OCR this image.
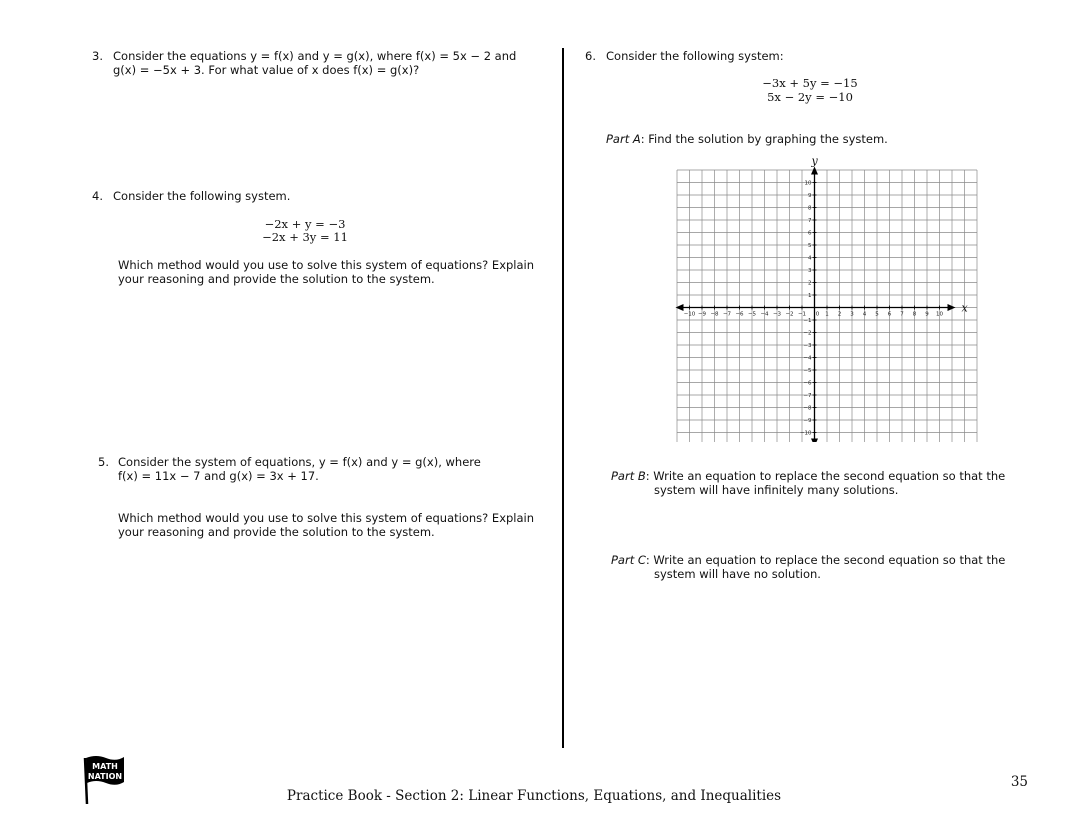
3. Consider the equations y = f(x) and y = g(x), where f(x) = 5x − 2 and
g(x) = −5x + 3. For what value of x does f(x) = g(x)?
4. Consider the following system.
−2x + y = −3
−2x + 3y = 11
Which method would you use to solve this system of equations? Explain
your reasoning and provide the solution to the system.
5. Consider the system of equations, y = f(x) and y = g(x), where
f(x) = 11x − 7 and g(x) = 3x + 17.
Which method would you use to solve this system of equations? Explain
your reasoning and provide the solution to the system.
6. Consider the following system:
−3x + 5y = −15
5x − 2y = −10
Part A: Find the solution by graphing the system.
−10 −9 −8 −7 −6 −5 −4 −3 −2 −1 0 1 2 3 4 5 6 7 8 9 10
−10
−9
−8
−7
−6
−5
−4
−3
−2
−1
1
2
3
4
5
6
7
8
9
10
x
y
Part B: Write an equation to replace the second equation so that the
system will have infinitely many solutions.
Part C: Write an equation to replace the second equation so that the
system will have no solution.
MATH
NATION
Practice Book - Section 2: Linear Functions, Equations, and Inequalities
35
